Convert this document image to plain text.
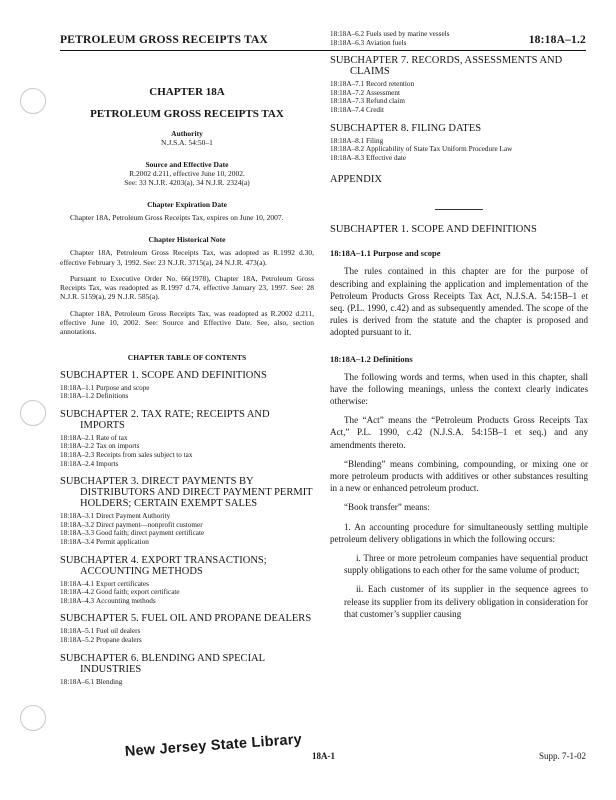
PETROLEUM GROSS RECEIPTS TAX	18:18A–1.2
CHAPTER 18A
PETROLEUM GROSS RECEIPTS TAX
Authority
N.J.S.A. 54:50–1
Source and Effective Date
R.2002 d.211, effective June 10, 2002.
See: 33 N.J.R. 4203(a), 34 N.J.R. 2324(a)
Chapter Expiration Date

Chapter 18A, Petroleum Gross Receipts Tax, expires on June 10, 2007.

Chapter Historical Note

Chapter 18A, Petroleum Gross Receipts Tax, was adopted as R.1992 d.30, effective February 3, 1992. See: 23 N.J.R. 3715(a), 24 N.J.R. 473(a).

Pursuant to Executive Order No. 66(1978), Chapter 18A, Petroleum Gross Receipts Tax, was readopted as R.1997 d.74, effective January 23, 1997. See: 28 N.J.R. 5159(a), 29 N.J.R. 585(a).

Chapter 18A, Petroleum Gross Receipts Tax, was readopted as R.2002 d.211, effective June 10, 2002. See: Source and Effective Date. See, also, section annotations.

CHAPTER TABLE OF CONTENTS
SUBCHAPTER 1. SCOPE AND DEFINITIONS
18:18A–1.1 Purpose and scope
18:18A–1.2 Definitions
SUBCHAPTER 2. TAX RATE; RECEIPTS AND
IMPORTS
18:18A–2.1 Rate of tax
18:18A–2.2 Tax on imports
18:18A–2.3 Receipts from sales subject to tax
18:18A–2.4 Imports
SUBCHAPTER 3. DIRECT PAYMENTS BY
DISTRIBUTORS AND DIRECT PAYMENT PERMIT HOLDERS; CERTAIN EXEMPT SALES
18:18A–3.1 Direct Payment Authority
18:18A–3.2 Direct payment—nonprofit customer
18:18A–3.3 Good faith; direct payment certificate
18:18A–3.4 Permit application
SUBCHAPTER 4. EXPORT TRANSACTIONS;
ACCOUNTING METHODS
18:18A–4.1 Export certificates
18:18A–4.2 Good faith; export certificate
18:18A–4.3 Accounting methods
SUBCHAPTER 5. FUEL OIL AND PROPANE DEALERS
18:18A–5.1 Fuel oil dealers
18:18A–5.2 Propane dealers
SUBCHAPTER 6. BLENDING AND SPECIAL
INDUSTRIES
18:18A–6.1 Blending
18:18A–6.2 Fuels used by marine vessels
18:18A–6.3 Aviation fuels
SUBCHAPTER 7. RECORDS, ASSESSMENTS AND
CLAIMS
18:18A–7.1 Record retention
18:18A–7.2 Assessment
18:18A–7.3 Refund claim
18:18A–7.4 Credit
SUBCHAPTER 8. FILING DATES
18:18A–8.1 Filing
18:18A–8.2 Applicability of State Tax Uniform Procedure Law
18:18A–8.3 Effective date
APPENDIX
SUBCHAPTER 1. SCOPE AND DEFINITIONS
18:18A–1.1 Purpose and scope

The rules contained in this chapter are for the purpose of describing and explaining the application and implementation of the Petroleum Products Gross Receipts Tax Act, N.J.S.A. 54:15B–1 et seq. (P.L. 1990, c.42) and as subsequently amended. The scope of the rules is derived from the statute and the chapter is proposed and adopted pursuant to it.

18:18A–1.2 Definitions

The following words and terms, when used in this chapter, shall have the following meanings, unless the context clearly indicates otherwise:

The “Act” means the “Petroleum Products Gross Receipts Tax Act,” P.L. 1990, c.42 (N.J.S.A. 54:15B–1 et seq.) and any amendments thereto.

“Blending” means combining, compounding, or mixing one or more petroleum products with additives or other substances resulting in a new or enhanced petroleum product.

“Book transfer” means:

1. An accounting procedure for simultaneously settling multiple petroleum delivery obligations in which the following occurs:

i. Three or more petroleum companies have sequential product supply obligations to each other for the same volume of product;

ii. Each customer of its supplier in the sequence agrees to release its supplier from its delivery obligation in consideration for that customer’s supplier causing

New Jersey State Library 18A-1	Supp. 7-1-02
